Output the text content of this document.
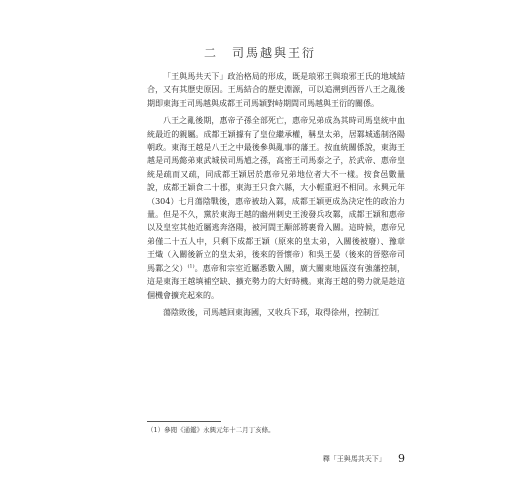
二　司馬越與王衍

「王與馬共天下」政治格局的形成，既是琅邪王與琅邪王氏的地域結合，又有其歷史原因。王馬結合的歷史淵源，可以追溯到西晉八王之亂後期即東海王司馬越與成都王司馬穎對峙期間司馬越與王衍的關係。

八王之亂後期，惠帝子孫全部死亡，惠帝兄弟成為其時司馬皇統中血統最近的親屬。成都王穎據有了皇位繼承權，稱皇太弟，居鄴城遙制洛陽朝政。東海王越是八王之中最後參與亂事的藩王。按血統關係說，東海王越是司馬懿弟東武城侯司馬馗之孫，高密王司馬泰之子，於武帝、惠帝皇統是疏而又疏，同成都王穎居於惠帝兄弟地位者大不一樣。按食邑數量說，成都王穎食二十郡，東海王只食六縣，大小輕重迥不相同。永興元年（304）七月蕩陰戰後，惠帝被劫入鄴，成都王穎更成為決定性的政治力量。但是不久，黨於東海王越的幽州刺史王浚發兵攻鄴，成都王穎和惠帝以及皇室其他近屬逃奔洛陽，被河間王顒部將裹脅入關。這時候，惠帝兄弟僅二十五人中，只剩下成都王穎（原來的皇太弟，入關後被廢）、豫章王熾（入關後新立的皇太弟，後來的晉懷帝）和吳王晏（後來的晉愍帝司馬鄴之父）$^{(1)}$。惠帝和宗室近屬悉數入關，廣大關東地區沒有強藩控制，這是東海王越填補空缺、擴充勢力的大好時機。東海王越的勢力就是趁這個機會擴充起來的。

蕩陰敗後，司馬越回東海國，又收兵下邳，取得徐州，控制江

（1）參閱《通鑑》永興元年十二月丁亥條。
釋「王與馬共天下」 9
